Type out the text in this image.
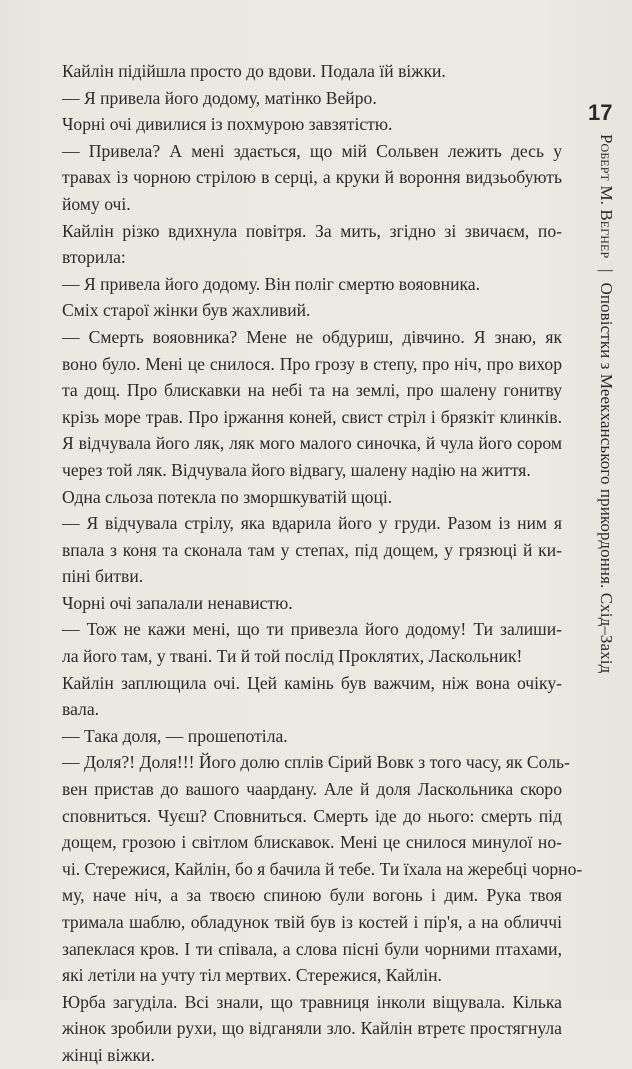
17
Роберт М. Вегнер | Оповістки з Меекханського прикордоння. Схід–Захід

Кайлін підійшла просто до вдови. Подала їй віжки.

— Я привела його додому, матінко Вейро.

Чорні очі дивилися із похмурою завзятістю.

— Привела? А мені здається, що мій Сольвен лежить десь у
травах із чорною стрілою в серці, а круки й вороння видзьобують
йому очі.

Кайлін різко вдихнула повітря. За мить, згідно зі звичаєм, по-
вторила:

— Я привела його додому. Він поліг смертю вояовника.

Сміх старої жінки був жахливий.

— Смерть вояовника? Мене не обдуриш, дівчино. Я знаю, як
воно було. Мені це снилося. Про грозу в степу, про ніч, про вихор
та дощ. Про блискавки на небі та на землі, про шалену гонитву
крізь море трав. Про іржання коней, свист стріл і брязкіт клинків.
Я відчувала його ляк, ляк мого малого синочка, й чула його сором
через той ляк. Відчувала його відвагу, шалену надію на життя.

Одна сльоза потекла по зморшкуватій щоці.

— Я відчувала стрілу, яка вдарила його у груди. Разом із ним я
впала з коня та сконала там у степах, під дощем, у грязюці й ки-
піні битви.

Чорні очі запалали ненавистю.

— Тож не кажи мені, що ти привезла його додому! Ти залиши-
ла його там, у твані. Ти й той послід Проклятих, Ласкольник!

Кайлін заплющила очі. Цей камінь був важчим, ніж вона очіку-
вала.

— Така доля, — прошепотіла.

— Доля?! Доля!!! Його долю сплів Сірий Вовк з того часу, як Соль-
вен пристав до вашого чаардану. Але й доля Ласкольника скоро
сповниться. Чуєш? Сповниться. Смерть іде до нього: смерть під
дощем, грозою і світлом блискавок. Мені це снилося минулої но-
чі. Стережися, Кайлін, бо я бачила й тебе. Ти їхала на жеребці чорно-
му, наче ніч, а за твоєю спиною були вогонь і дим. Рука твоя
тримала шаблю, обладунок твій був із костей і пір'я, а на обличчі
запеклася кров. І ти співала, а слова пісні були чорними птахами,
які летіли на учту тіл мертвих. Стережися, Кайлін.

Юрба загуділа. Всі знали, що травниця інколи віщувала. Кілька
жінок зробили рухи, що відганяли зло. Кайлін втретє простягнула
жінці віжки.
